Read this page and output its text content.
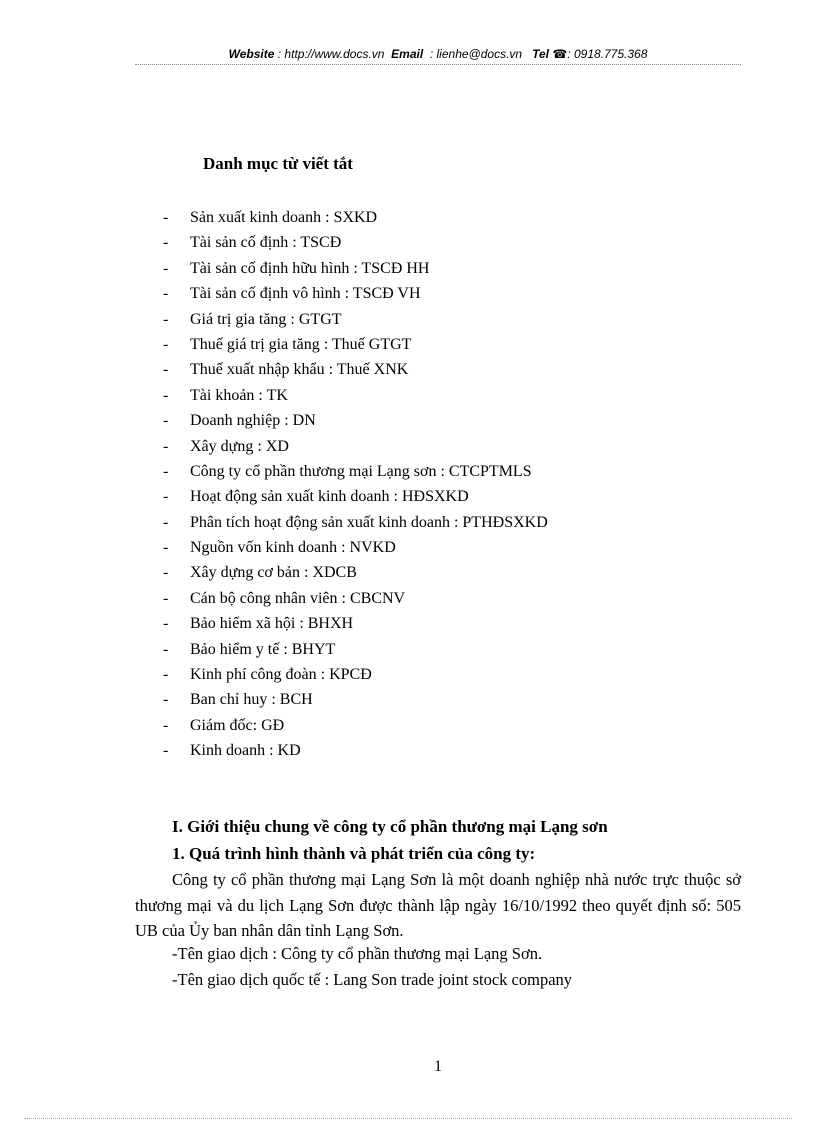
Website : http://www.docs.vn Email : lienhe@docs.vn Tel ☎: 0918.775.368
Danh mục từ viết tắt
- Sản xuất kinh doanh : SXKD
- Tài sản cố định : TSCĐ
- Tài sản cố định hữu hình : TSCĐ HH
- Tài sản cố định vô hình : TSCĐ VH
- Giá trị gia tăng : GTGT
- Thuế giá trị gia tăng : Thuế GTGT
- Thuế xuất nhập khẩu : Thuế XNK
- Tài khoản : TK
- Doanh nghiệp : DN
- Xây dựng : XD
- Công ty cổ phần thương mại Lạng sơn : CTCPTMLS
- Hoạt động sản xuất kinh doanh : HĐSXKD
- Phân tích hoạt động sản xuất kinh doanh : PTHĐSXKD
- Nguồn vốn kinh doanh : NVKD
- Xây dựng cơ bản : XDCB
- Cán bộ công nhân viên : CBCNV
- Bảo hiểm xã hội : BHXH
- Bảo hiểm y tế : BHYT
- Kinh phí công đoàn : KPCĐ
- Ban chỉ huy : BCH
- Giám đốc: GĐ
- Kinh doanh : KD
I. Giới thiệu chung về công ty cổ phần thương mại Lạng sơn
1. Quá trình hình thành và phát triển của công ty:

Công ty cổ phần thương mại Lạng Sơn là một doanh nghiệp nhà nước trực thuộc sở thương mại và du lịch Lạng Sơn được thành lập ngày 16/10/1992 theo quyết định số: 505 UB của Ủy ban nhân dân tỉnh Lạng Sơn.

-Tên giao dịch : Công ty cổ phần thương mại Lạng Sơn.
-Tên giao dịch quốc tế : Lang Son trade joint stock company
1
